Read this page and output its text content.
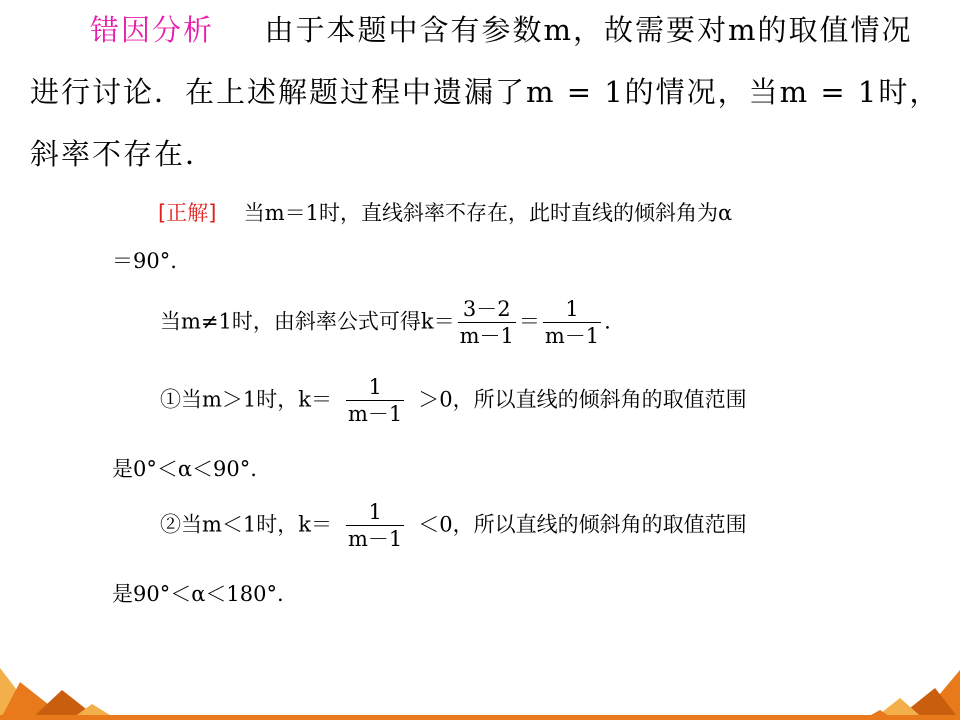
错因分析 由于本题中含有参数m，故需要对m的取值情况
进行讨论．在上述解题过程中遗漏了m = 1的情况，当m = 1时，
斜率不存在．
[正解] 当m＝1时，直线斜率不存在，此时直线的倾斜角为α
＝90°.
当m≠1时，由斜率公式可得$k= \frac{3-2}{m-1} = \frac{1}{m-1}$ .
①当m＞1时，$k= \frac{1}{m-1} >0$，所以直线的倾斜角的取值范围
是0°＜α＜90°.
②当m＜1时，$k= \frac{1}{m-1} <0$，所以直线的倾斜角的取值范围
是90°＜α＜180°.
